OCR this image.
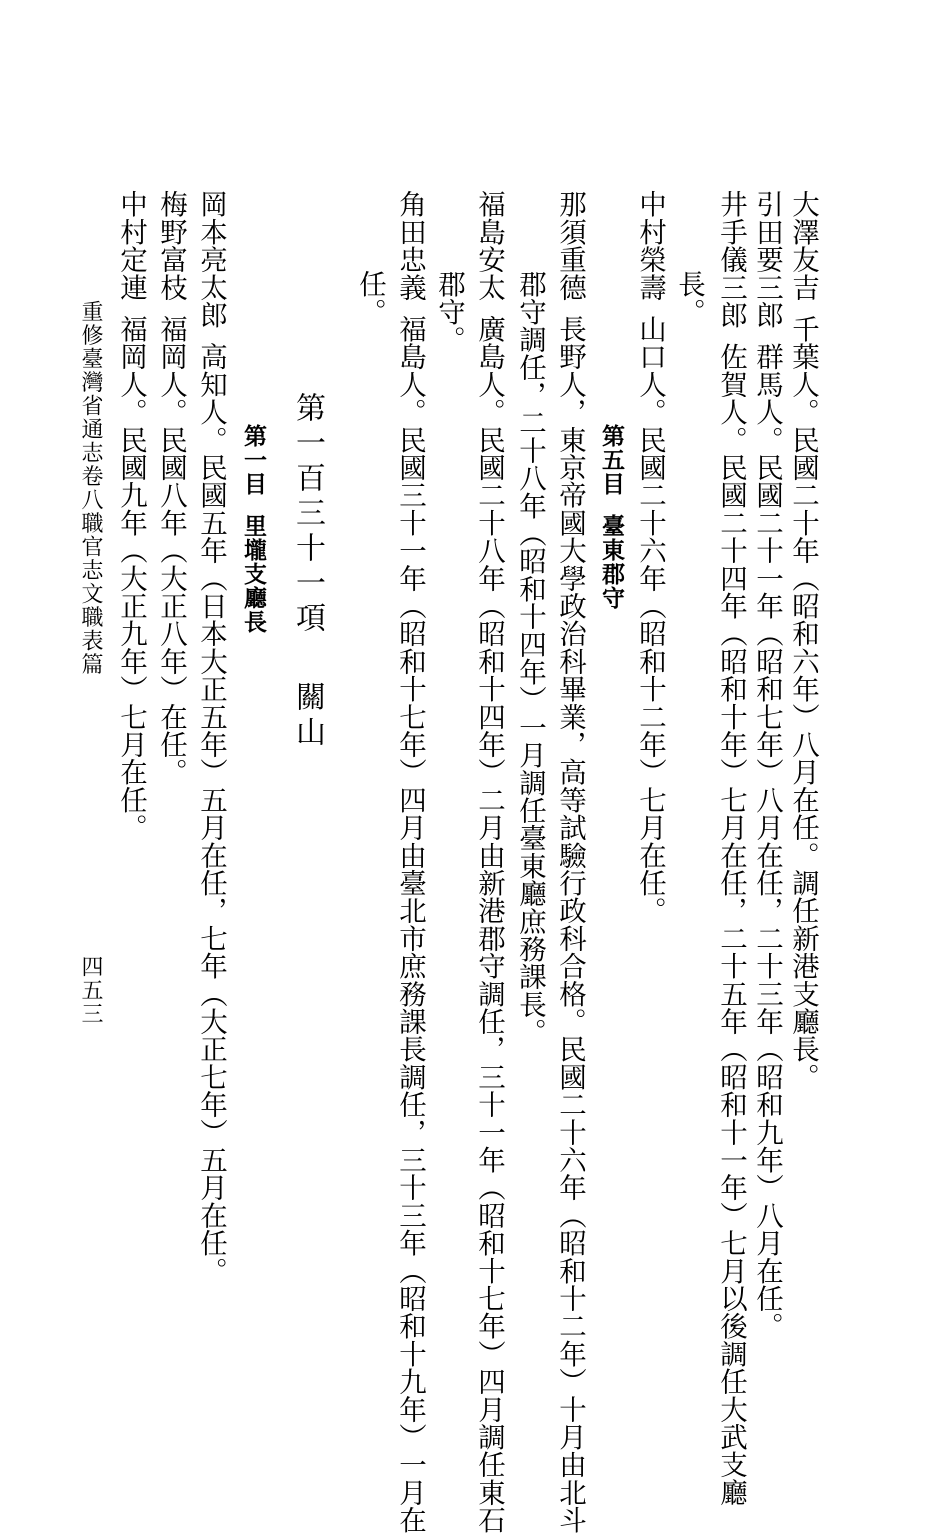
大澤友吉千葉人。民國二十年（昭和六年）八月在任。調任新港支廳長。
引田要三郎群馬人。民國二十一年（昭和七年）八月在任，二十三年（昭和九年）八月在任。
井手儀三郎佐賀人。民國二十四年（昭和十年）七月在任，二十五年（昭和十一年）七月以後調任大武支廳
長。
中村榮壽山口人。民國二十六年（昭和十二年）七月在任。
第五目臺東郡守
那須重德長野人，東京帝國大學政治科畢業，高等試驗行政科合格。民國二十六年（昭和十二年）十月由北斗
郡守調任，二十八年（昭和十四年）一月調任臺東廳庶務課長。
福島安太廣島人。民國二十八年（昭和十四年）二月由新港郡守調任，三十一年（昭和十七年）四月調任東石
郡守。
角田忠義福島人。民國三十一年（昭和十七年）四月由臺北市庶務課長調任，三十三年（昭和十九年）一月在
任。
第一百三十一項關山
第一目里壠支廳長
岡本亮太郎高知人。民國五年（日本大正五年）五月在任，七年（大正七年）五月在任。
梅野富枝福岡人。民國八年（大正八年）在任。
中村定連福岡人。民國九年（大正九年）七月在任。
重修臺灣省通志卷八職官志文職表篇
四五三
